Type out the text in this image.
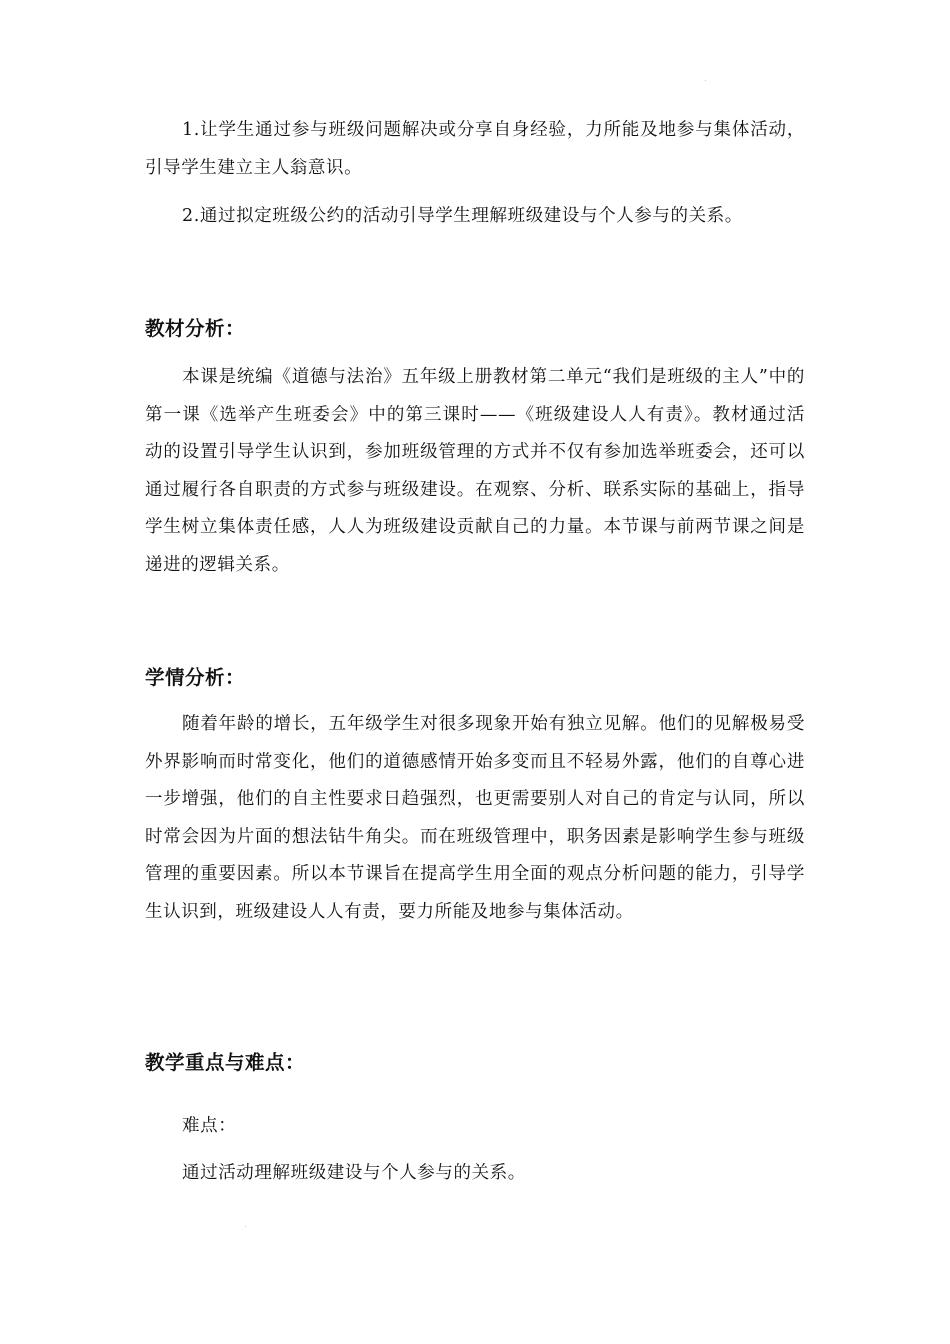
1.让学生通过参与班级问题解决或分享自身经验，力所能及地参与集体活动，引导学生建立主人翁意识。

2.通过拟定班级公约的活动引导学生理解班级建设与个人参与的关系。

教材分析：

本课是统编《道德与法治》五年级上册教材第二单元“我们是班级的主人”中的第一课《选举产生班委会》中的第三课时——《班级建设人人有责》。教材通过活动的设置引导学生认识到，参加班级管理的方式并不仅有参加选举班委会，还可以通过履行各自职责的方式参与班级建设。在观察、分析、联系实际的基础上，指导学生树立集体责任感，人人为班级建设贡献自己的力量。本节课与前两节课之间是递进的逻辑关系。

学情分析：

随着年龄的增长，五年级学生对很多现象开始有独立见解。他们的见解极易受外界影响而时常变化，他们的道德感情开始多变而且不轻易外露，他们的自尊心进一步增强，他们的自主性要求日趋强烈，也更需要别人对自己的肯定与认同，所以时常会因为片面的想法钻牛角尖。而在班级管理中，职务因素是影响学生参与班级管理的重要因素。所以本节课旨在提高学生用全面的观点分析问题的能力，引导学生认识到，班级建设人人有责，要力所能及地参与集体活动。

教学重点与难点：

难点：

通过活动理解班级建设与个人参与的关系。
